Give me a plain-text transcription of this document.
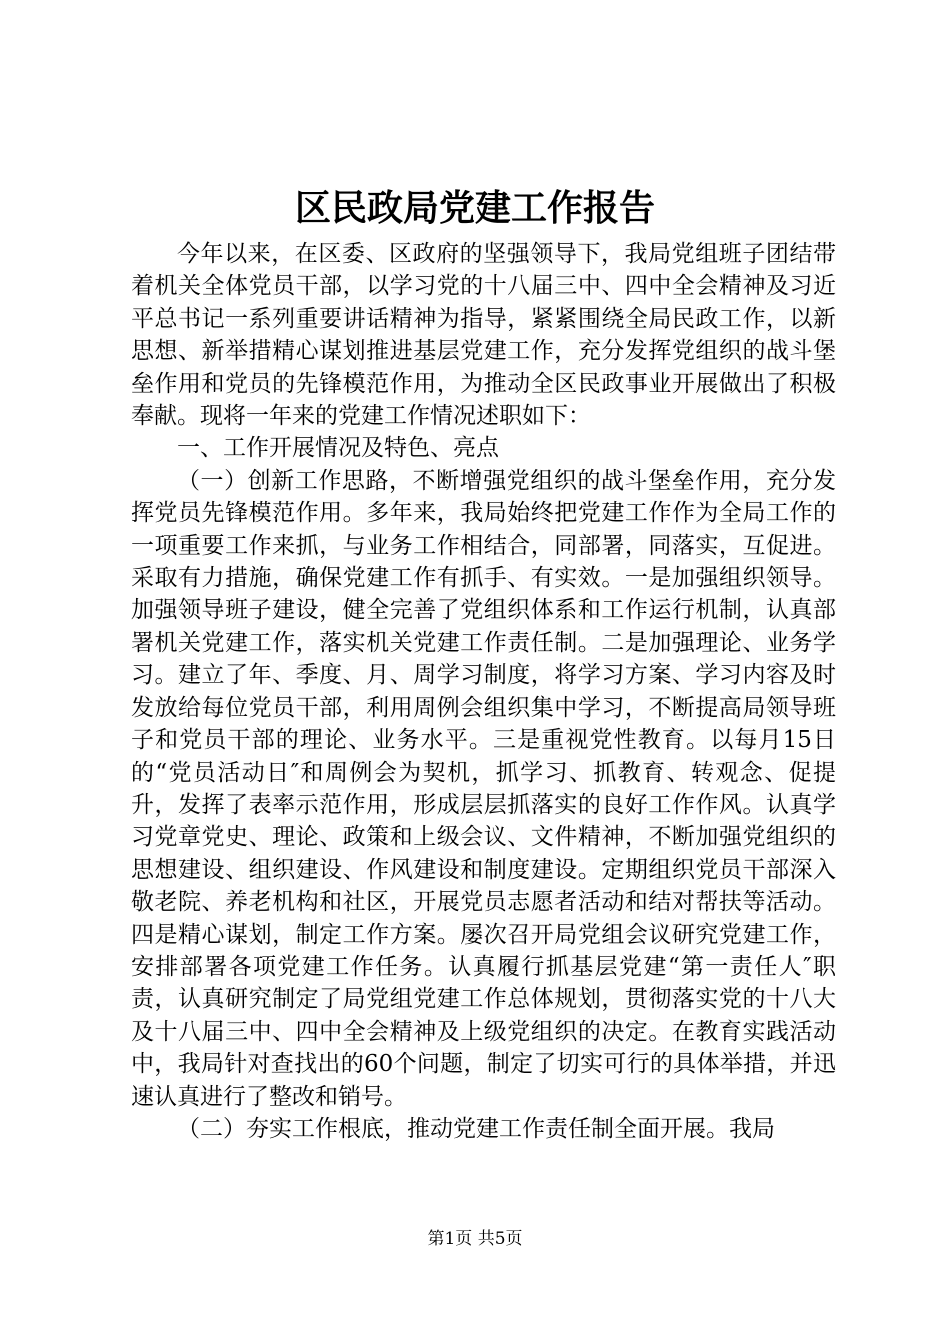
区民政局党建工作报告

今年以来，在区委、区政府的坚强领导下，我局党组班子团结带着机关全体党员干部，以学习党的十八届三中、四中全会精神及习近平总书记一系列重要讲话精神为指导，紧紧围绕全局民政工作，以新思想、新举措精心谋划推进基层党建工作，充分发挥党组织的战斗堡垒作用和党员的先锋模范作用，为推动全区民政事业开展做出了积极奉献。现将一年来的党建工作情况述职如下：

一、工作开展情况及特色、亮点

（一）创新工作思路，不断增强党组织的战斗堡垒作用，充分发挥党员先锋模范作用。多年来，我局始终把党建工作作为全局工作的一项重要工作来抓，与业务工作相结合，同部署，同落实，互促进。采取有力措施，确保党建工作有抓手、有实效。一是加强组织领导。加强领导班子建设，健全完善了党组织体系和工作运行机制，认真部署机关党建工作，落实机关党建工作责任制。二是加强理论、业务学习。建立了年、季度、月、周学习制度，将学习方案、学习内容及时发放给每位党员干部，利用周例会组织集中学习，不断提高局领导班子和党员干部的理论、业务水平。三是重视党性教育。以每月15日的“党员活动日″和周例会为契机，抓学习、抓教育、转观念、促提升，发挥了表率示范作用，形成层层抓落实的良好工作作风。认真学习党章党史、理论、政策和上级会议、文件精神，不断加强党组织的思想建设、组织建设、作风建设和制度建设。定期组织党员干部深入敬老院、养老机构和社区，开展党员志愿者活动和结对帮扶等活动。四是精心谋划，制定工作方案。屡次召开局党组会议研究党建工作，安排部署各项党建工作任务。认真履行抓基层党建“第一责任人″职责，认真研究制定了局党组党建工作总体规划，贯彻落实党的十八大及十八届三中、四中全会精神及上级党组织的决定。在教育实践活动中，我局针对查找出的60个问题，制定了切实可行的具体举措，并迅速认真进行了整改和销号。

（二）夯实工作根底，推动党建工作责任制全面开展。我局

第1页 共5页
